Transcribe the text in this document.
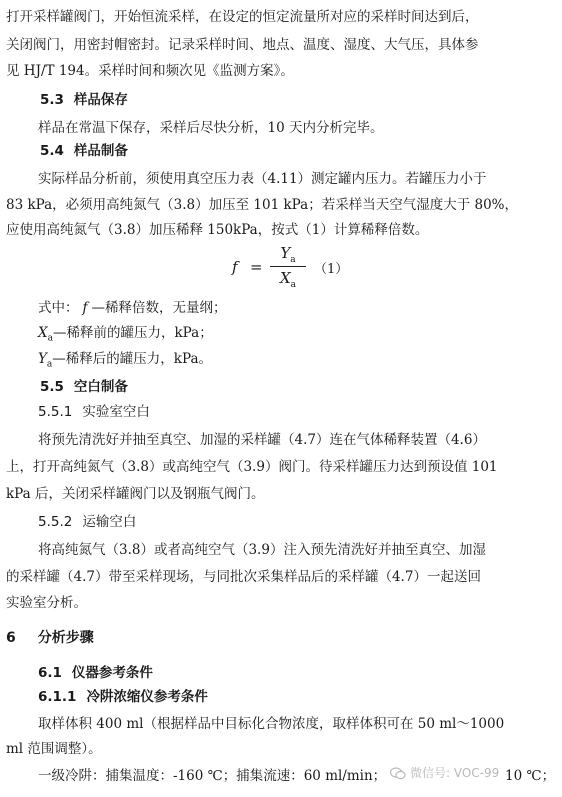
打开采样罐阀门，开始恒流采样，在设定的恒定流量所对应的采样时间达到后，
关闭阀门，用密封帽密封。记录采样时间、地点、温度、湿度、大气压，具体参
见 HJ/T 194。采样时间和频次见《监测方案》。
5.3 样品保存
样品在常温下保存，采样后尽快分析，10 天内分析完毕。
5.4 样品制备
实际样品分析前，须使用真空压力表（4.11）测定罐内压力。若罐压力小于
83 kPa，必须用高纯氮气（3.8）加压至 101 kPa；若采样当天空气湿度大于 80%，
应使用高纯氮气（3.8）加压稀释 150kPa，按式（1）计算稀释倍数。
f =
$Y_a$
$X_a$
（1）
式中： f —稀释倍数，无量纲；
$X_a—$稀释前的罐压力，kPa；
$Y_a—$稀释后的罐压力，kPa。
5.5 空白制备
5.5.1 实验室空白
将预先清洗好并抽至真空、加湿的采样罐（4.7）连在气体稀释装置（4.6）
上，打开高纯氮气（3.8）或高纯空气（3.9）阀门。待采样罐压力达到预设值 101
kPa 后，关闭采样罐阀门以及钢瓶气阀门。
5.5.2 运输空白
将高纯氮气（3.8）或者高纯空气（3.9）注入预先清洗好并抽至真空、加湿
的采样罐（4.7）带至采样现场，与同批次采集样品后的采样罐（4.7）一起送回
实验室分析。
6 分析步骤
6.1 仪器参考条件
6.1.1 冷阱浓缩仪参考条件
取样体积 400 ml（根据样品中目标化合物浓度，取样体积可在 50 ml～1000
ml 范围调整）。
一级冷阱：捕集温度：-160 ℃；捕集流速：60 ml/min；	10 ℃；
微信号: VOC-99
